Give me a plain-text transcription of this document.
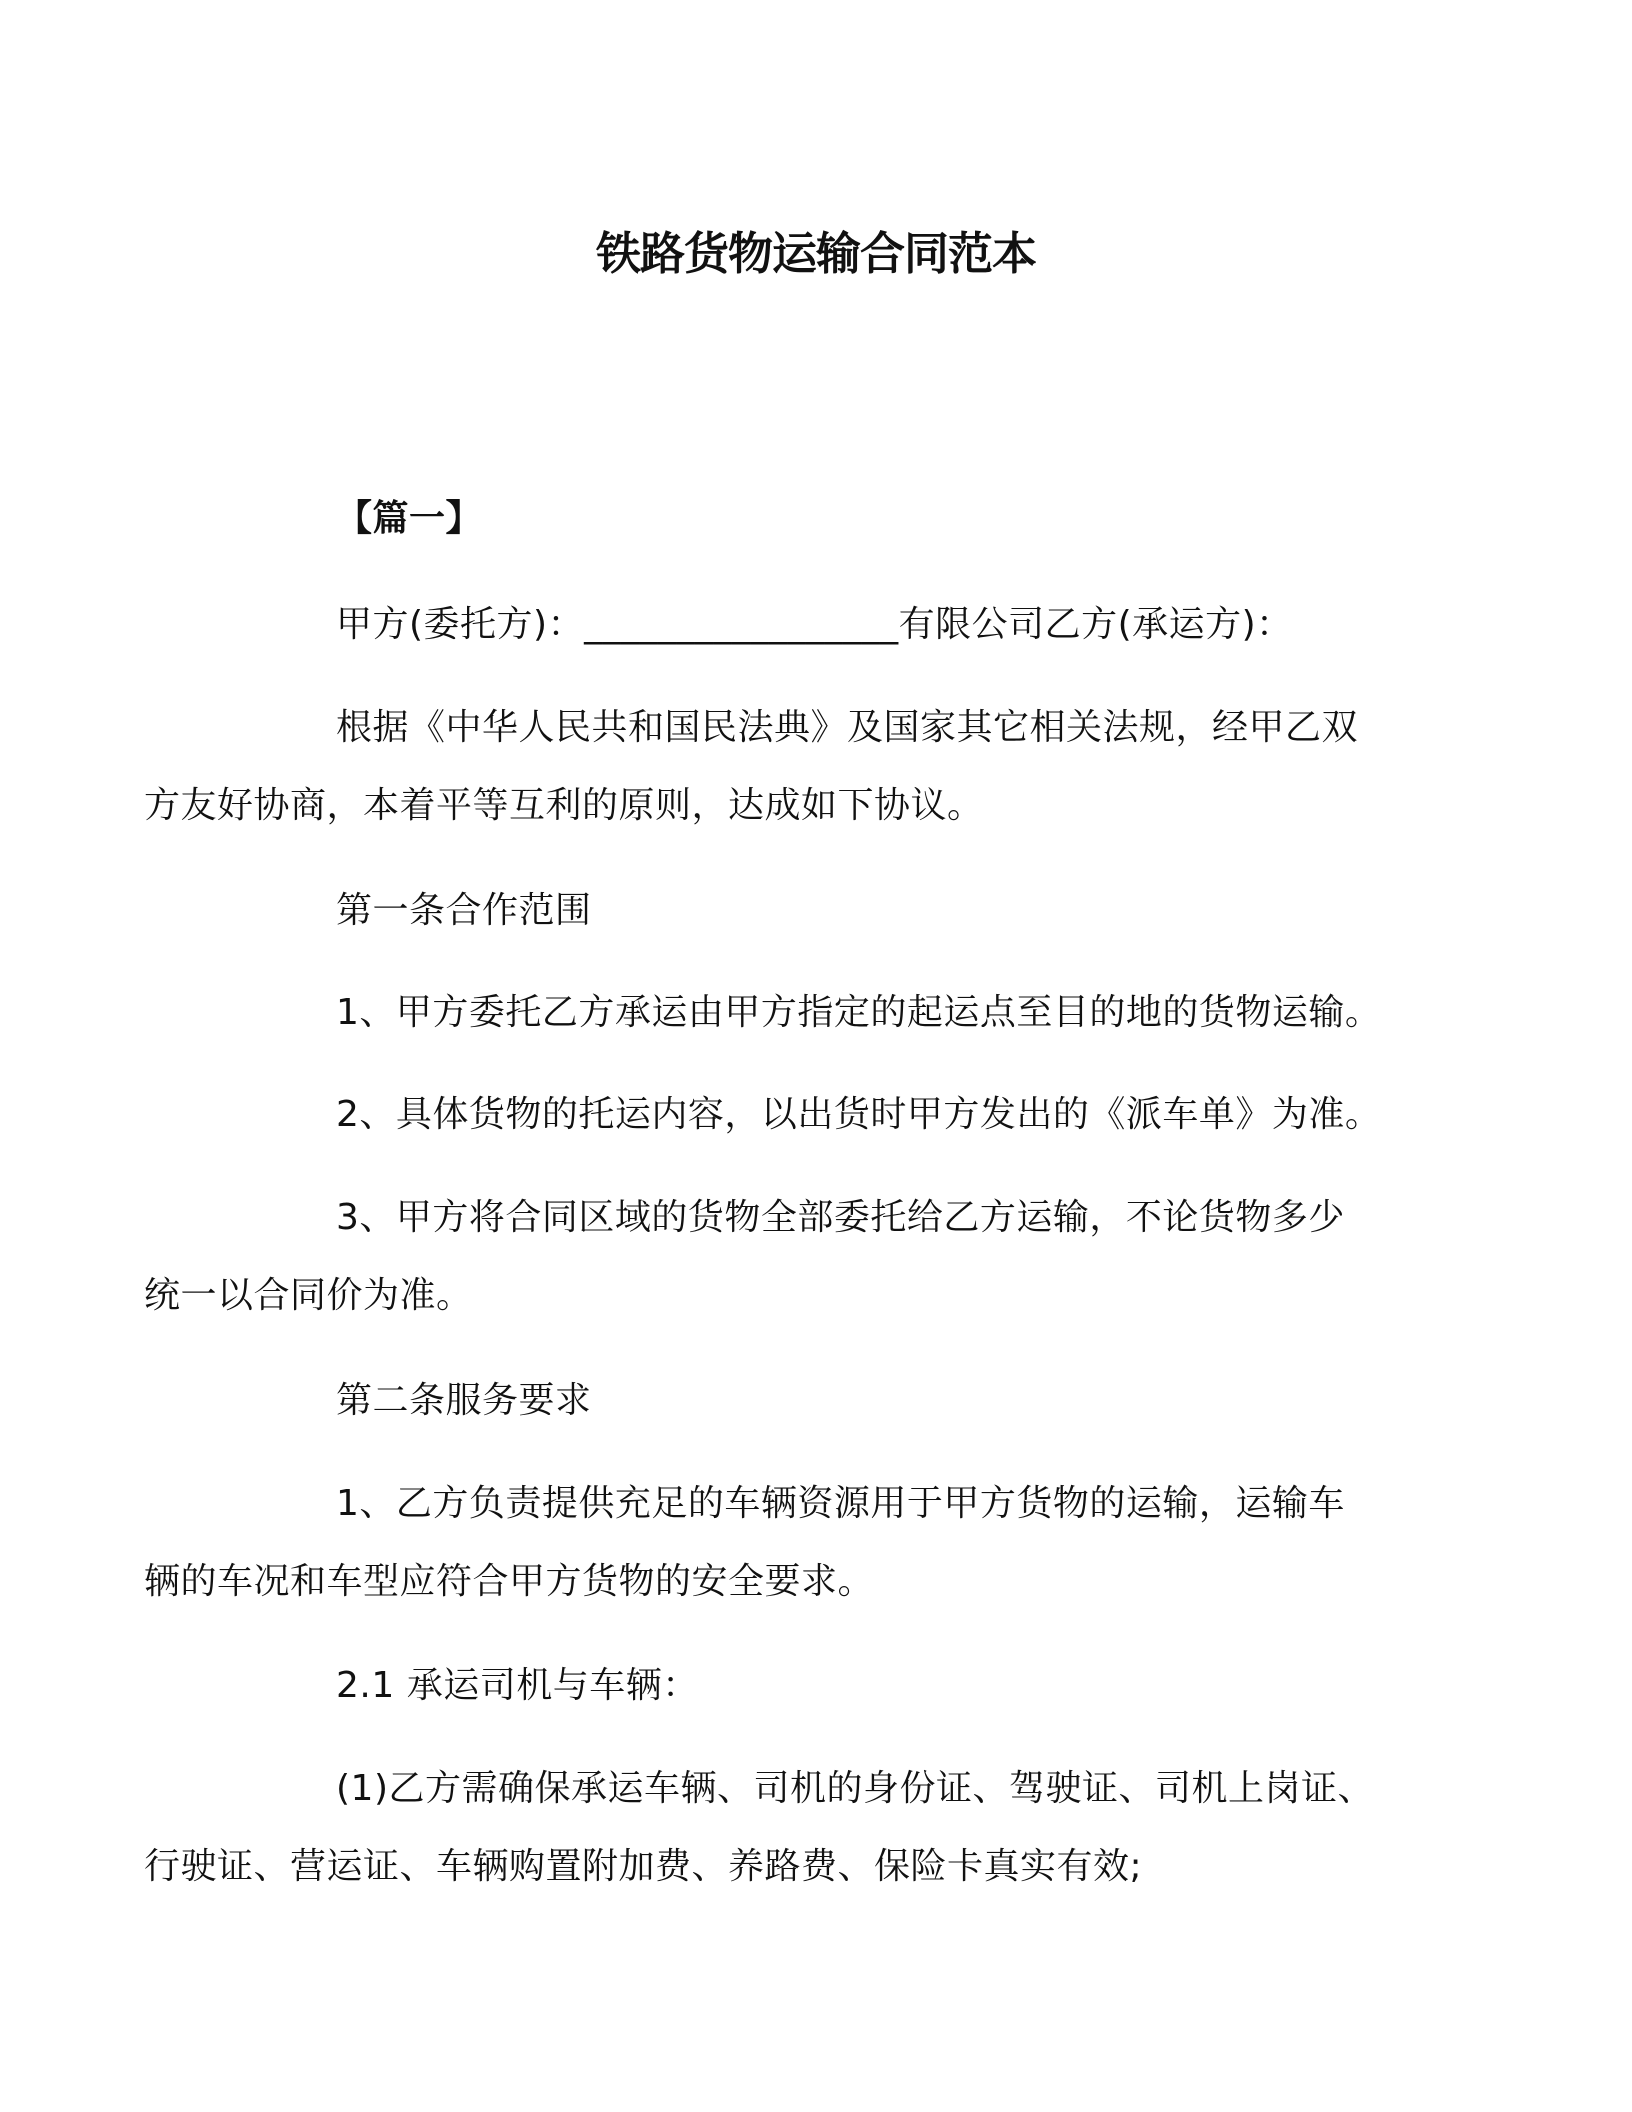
铁路货物运输合同范本

【篇一】

甲方(委托方)：_________________有限公司乙方(承运方)：

根据《中华人民共和国民法典》及国家其它相关法规，经甲乙双
方友好协商，本着平等互利的原则，达成如下协议。

第一条合作范围

1、甲方委托乙方承运由甲方指定的起运点至目的地的货物运输。

2、具体货物的托运内容，以出货时甲方发出的《派车单》为准。

3、甲方将合同区域的货物全部委托给乙方运输，不论货物多少
统一以合同价为准。

第二条服务要求

1、乙方负责提供充足的车辆资源用于甲方货物的运输，运输车
辆的车况和车型应符合甲方货物的安全要求。

2.1 承运司机与车辆：

(1)乙方需确保承运车辆、司机的身份证、驾驶证、司机上岗证、
行驶证、营运证、车辆购置附加费、养路费、保险卡真实有效;
